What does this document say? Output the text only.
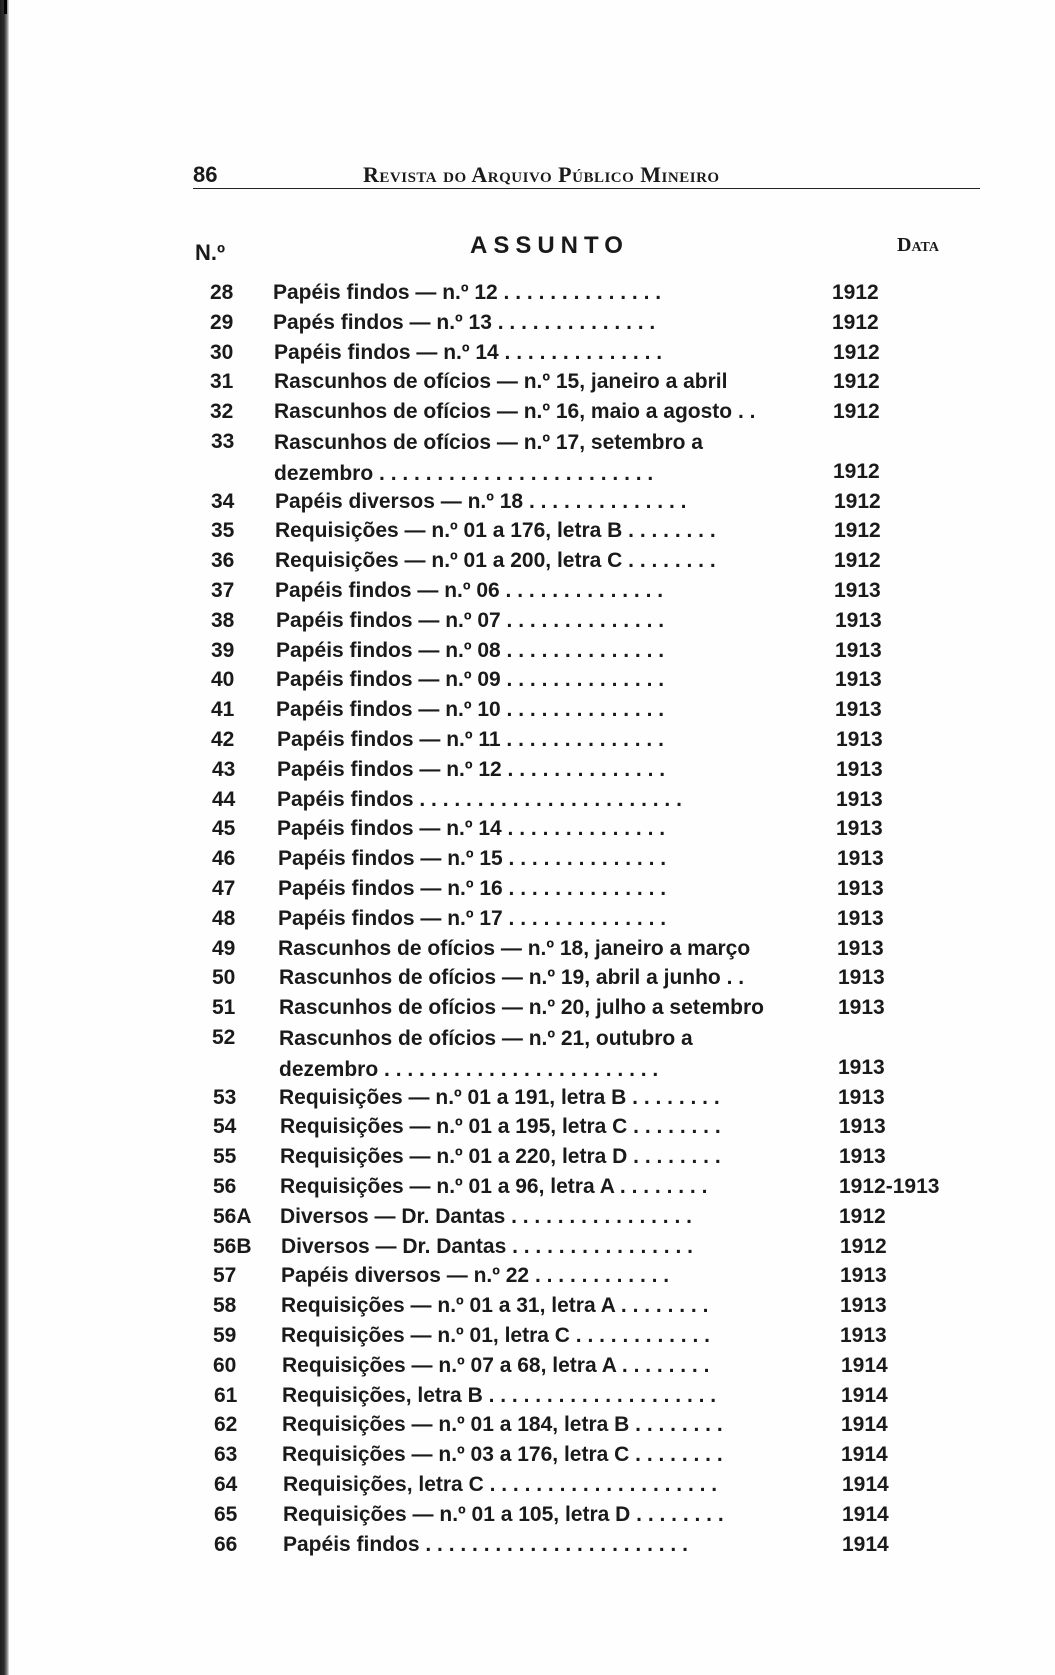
86	Revista do Arquivo Público Mineiro
N.º	ASSUNTO	Data
28 Papéis findos — n.º 12 . . . . . . . . . . . . . .	1912
29 Papés findos — n.º 13 . . . . . . . . . . . . . .	1912
30 Papéis findos — n.º 14 . . . . . . . . . . . . . .	1912
31 Rascunhos de ofícios — n.º 15, janeiro a abril	1912
32 Rascunhos de ofícios — n.º 16, maio a agosto . .	1912
33 Rascunhos de ofícios — n.º 17, setembro a dezembro . . . . . . . . . . . . . . . . . . . . . . . .	1912
34 Papéis diversos — n.º 18 . . . . . . . . . . . . . .	1912
35 Requisições — n.º 01 a 176, letra B . . . . . . . .	1912
36 Requisições — n.º 01 a 200, letra C . . . . . . . .	1912
37 Papéis findos — n.º 06 . . . . . . . . . . . . . .	1913
38 Papéis findos — n.º 07 . . . . . . . . . . . . . .	1913
39 Papéis findos — n.º 08 . . . . . . . . . . . . . .	1913
40 Papéis findos — n.º 09 . . . . . . . . . . . . . .	1913
41 Papéis findos — n.º 10 . . . . . . . . . . . . . .	1913
42 Papéis findos — n.º 11 . . . . . . . . . . . . . .	1913
43 Papéis findos — n.º 12 . . . . . . . . . . . . . .	1913
44 Papéis findos . . . . . . . . . . . . . . . . . . . . . . .	1913
45 Papéis findos — n.º 14 . . . . . . . . . . . . . .	1913
46 Papéis findos — n.º 15 . . . . . . . . . . . . . .	1913
47 Papéis findos — n.º 16 . . . . . . . . . . . . . .	1913
48 Papéis findos — n.º 17 . . . . . . . . . . . . . .	1913
49 Rascunhos de ofícios — n.º 18, janeiro a março	1913
50 Rascunhos de ofícios — n.º 19, abril a junho . .	1913
51 Rascunhos de ofícios — n.º 20, julho a setembro	1913
52 Rascunhos de ofícios — n.º 21, outubro a dezembro . . . . . . . . . . . . . . . . . . . . . . . .	1913
53 Requisições — n.º 01 a 191, letra B . . . . . . . .	1913
54 Requisições — n.º 01 a 195, letra C . . . . . . . .	1913
55 Requisições — n.º 01 a 220, letra D . . . . . . . .	1913
56 Requisições — n.º 01 a 96, letra A . . . . . . . .	1912-1913
56A Diversos — Dr. Dantas . . . . . . . . . . . . . . . .	1912
56B Diversos — Dr. Dantas . . . . . . . . . . . . . . . .	1912
57 Papéis diversos — n.º 22 . . . . . . . . . . . .	1913
58 Requisições — n.º 01 a 31, letra A . . . . . . . .	1913
59 Requisições — n.º 01, letra C . . . . . . . . . . . .	1913
60 Requisições — n.º 07 a 68, letra A . . . . . . . .	1914
61 Requisições, letra B . . . . . . . . . . . . . . . . . . . .	1914
62 Requisições — n.º 01 a 184, letra B . . . . . . . .	1914
63 Requisições — n.º 03 a 176, letra C . . . . . . . .	1914
64 Requisições, letra C . . . . . . . . . . . . . . . . . . . .	1914
65 Requisições — n.º 01 a 105, letra D . . . . . . . .	1914
66 Papéis findos . . . . . . . . . . . . . . . . . . . . . . .	1914
